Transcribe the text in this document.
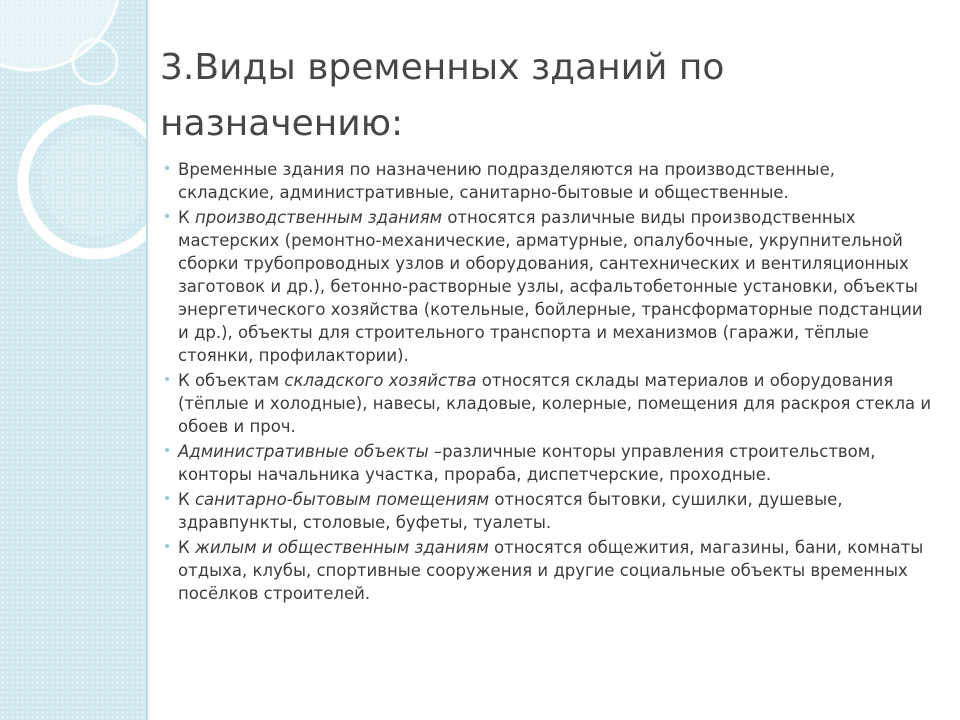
3.Виды временных зданий по
назначению:
• Временные здания по назначению подразделяются на производственные, складские, административные, санитарно-бытовые и общественные.
• К производственным зданиям относятся различные виды производственных мастерских (ремонтно-механические, арматурные, опалубочные, укрупнительной сборки трубопроводных узлов и оборудования, сантехнических и вентиляционных заготовок и др.), бетонно-растворные узлы, асфальтобетонные установки, объекты энергетического хозяйства (котельные, бойлерные, трансформаторные подстанции и др.), объекты для строительного транспорта и механизмов (гаражи, тёплые стоянки, профилактории).
• К объектам складского хозяйства относятся склады материалов и оборудования (тёплые и холодные), навесы, кладовые, колерные, помещения для раскроя стекла и обоев и проч.
• Административные объекты –различные конторы управления строительством, конторы начальника участка, прораба, диспетчерские, проходные.
• К санитарно-бытовым помещениям относятся бытовки, сушилки, душевые, здравпункты, столовые, буфеты, туалеты.
• К жилым и общественным зданиям относятся общежития, магазины, бани, комнаты отдыха, клубы, спортивные сооружения и другие социальные объекты временных посёлков строителей.
